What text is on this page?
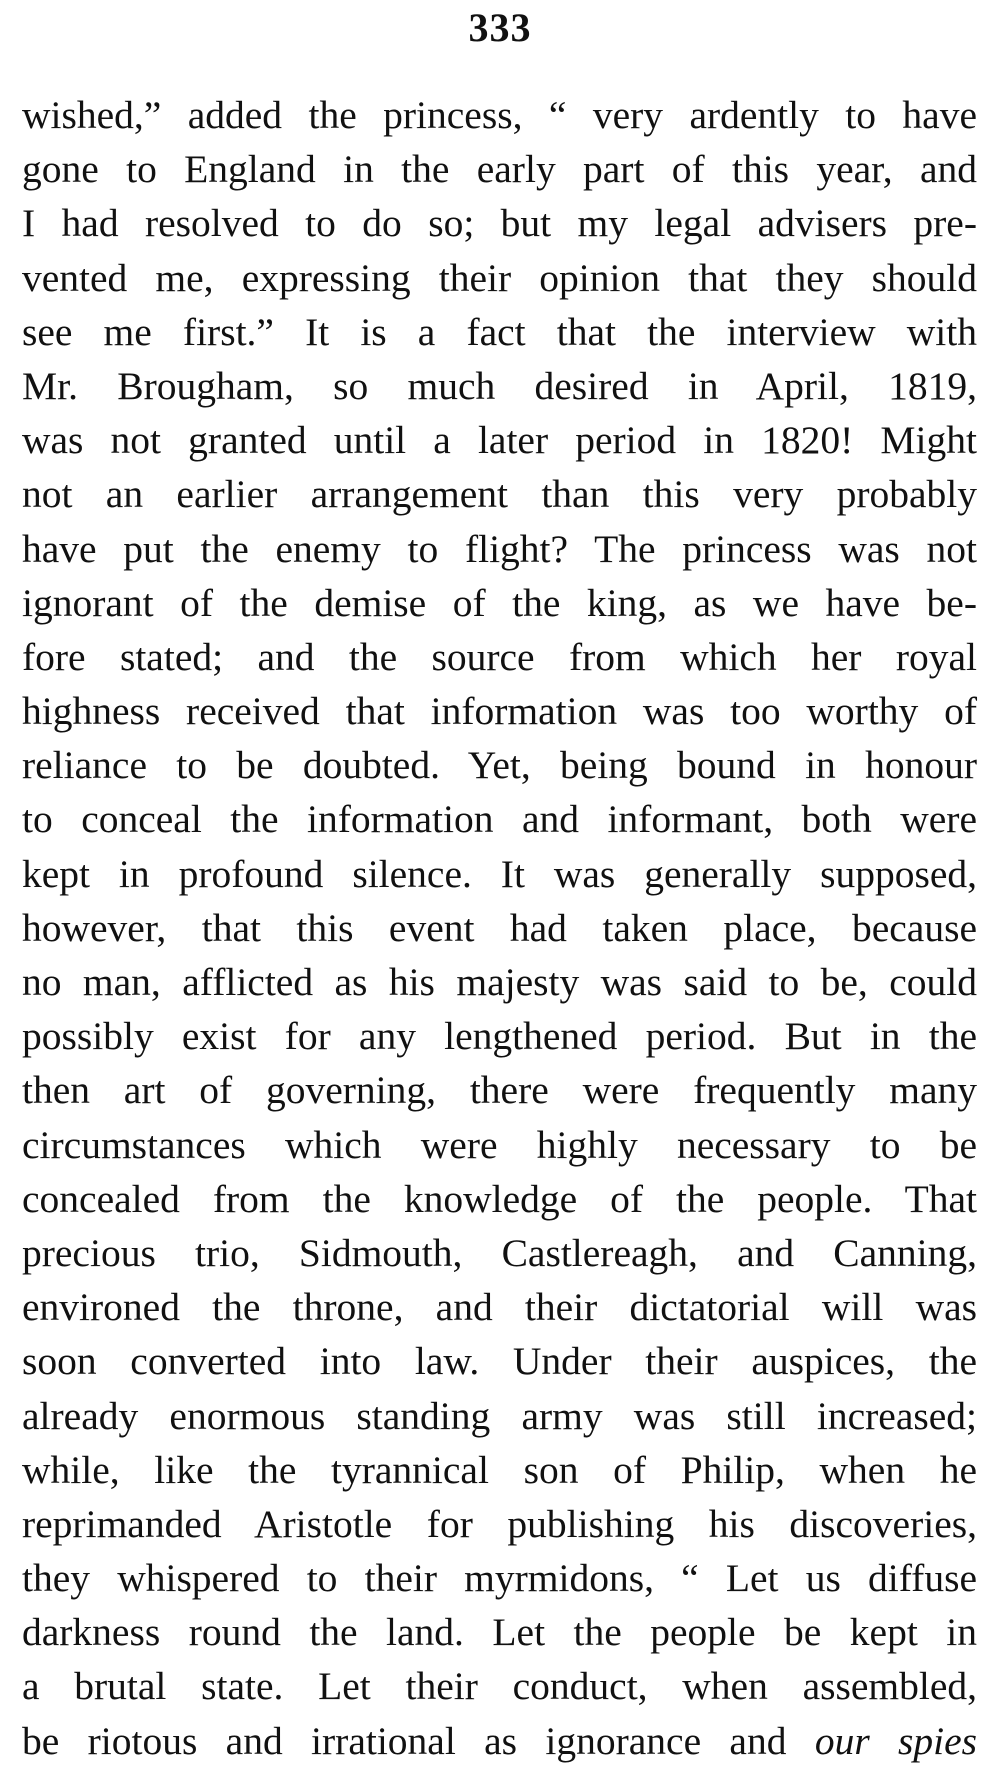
333
wished,” added the princess, “ very ardently to have
gone to England in the early part of this year, and
I had resolved to do so; but my legal advisers pre-
vented me, expressing their opinion that they should
see me first.” It is a fact that the interview with
Mr. Brougham, so much desired in April, 1819,
was not granted until a later period in 1820! Might
not an earlier arrangement than this very probably
have put the enemy to flight? The princess was not
ignorant of the demise of the king, as we have be-
fore stated; and the source from which her royal
highness received that information was too worthy of
reliance to be doubted. Yet, being bound in honour
to conceal the information and informant, both were
kept in profound silence. It was generally supposed,
however, that this event had taken place, because
no man, afflicted as his majesty was said to be, could
possibly exist for any lengthened period. But in the
then art of governing, there were frequently many
circumstances which were highly necessary to be
concealed from the knowledge of the people. That
precious trio, Sidmouth, Castlereagh, and Canning,
environed the throne, and their dictatorial will was
soon converted into law. Under their auspices, the
already enormous standing army was still increased;
while, like the tyrannical son of Philip, when he
reprimanded Aristotle for publishing his discoveries,
they whispered to their myrmidons, “ Let us diffuse
darkness round the land. Let the people be kept in
a brutal state. Let their conduct, when assembled,
be riotous and irrational as ignorance and our spies
